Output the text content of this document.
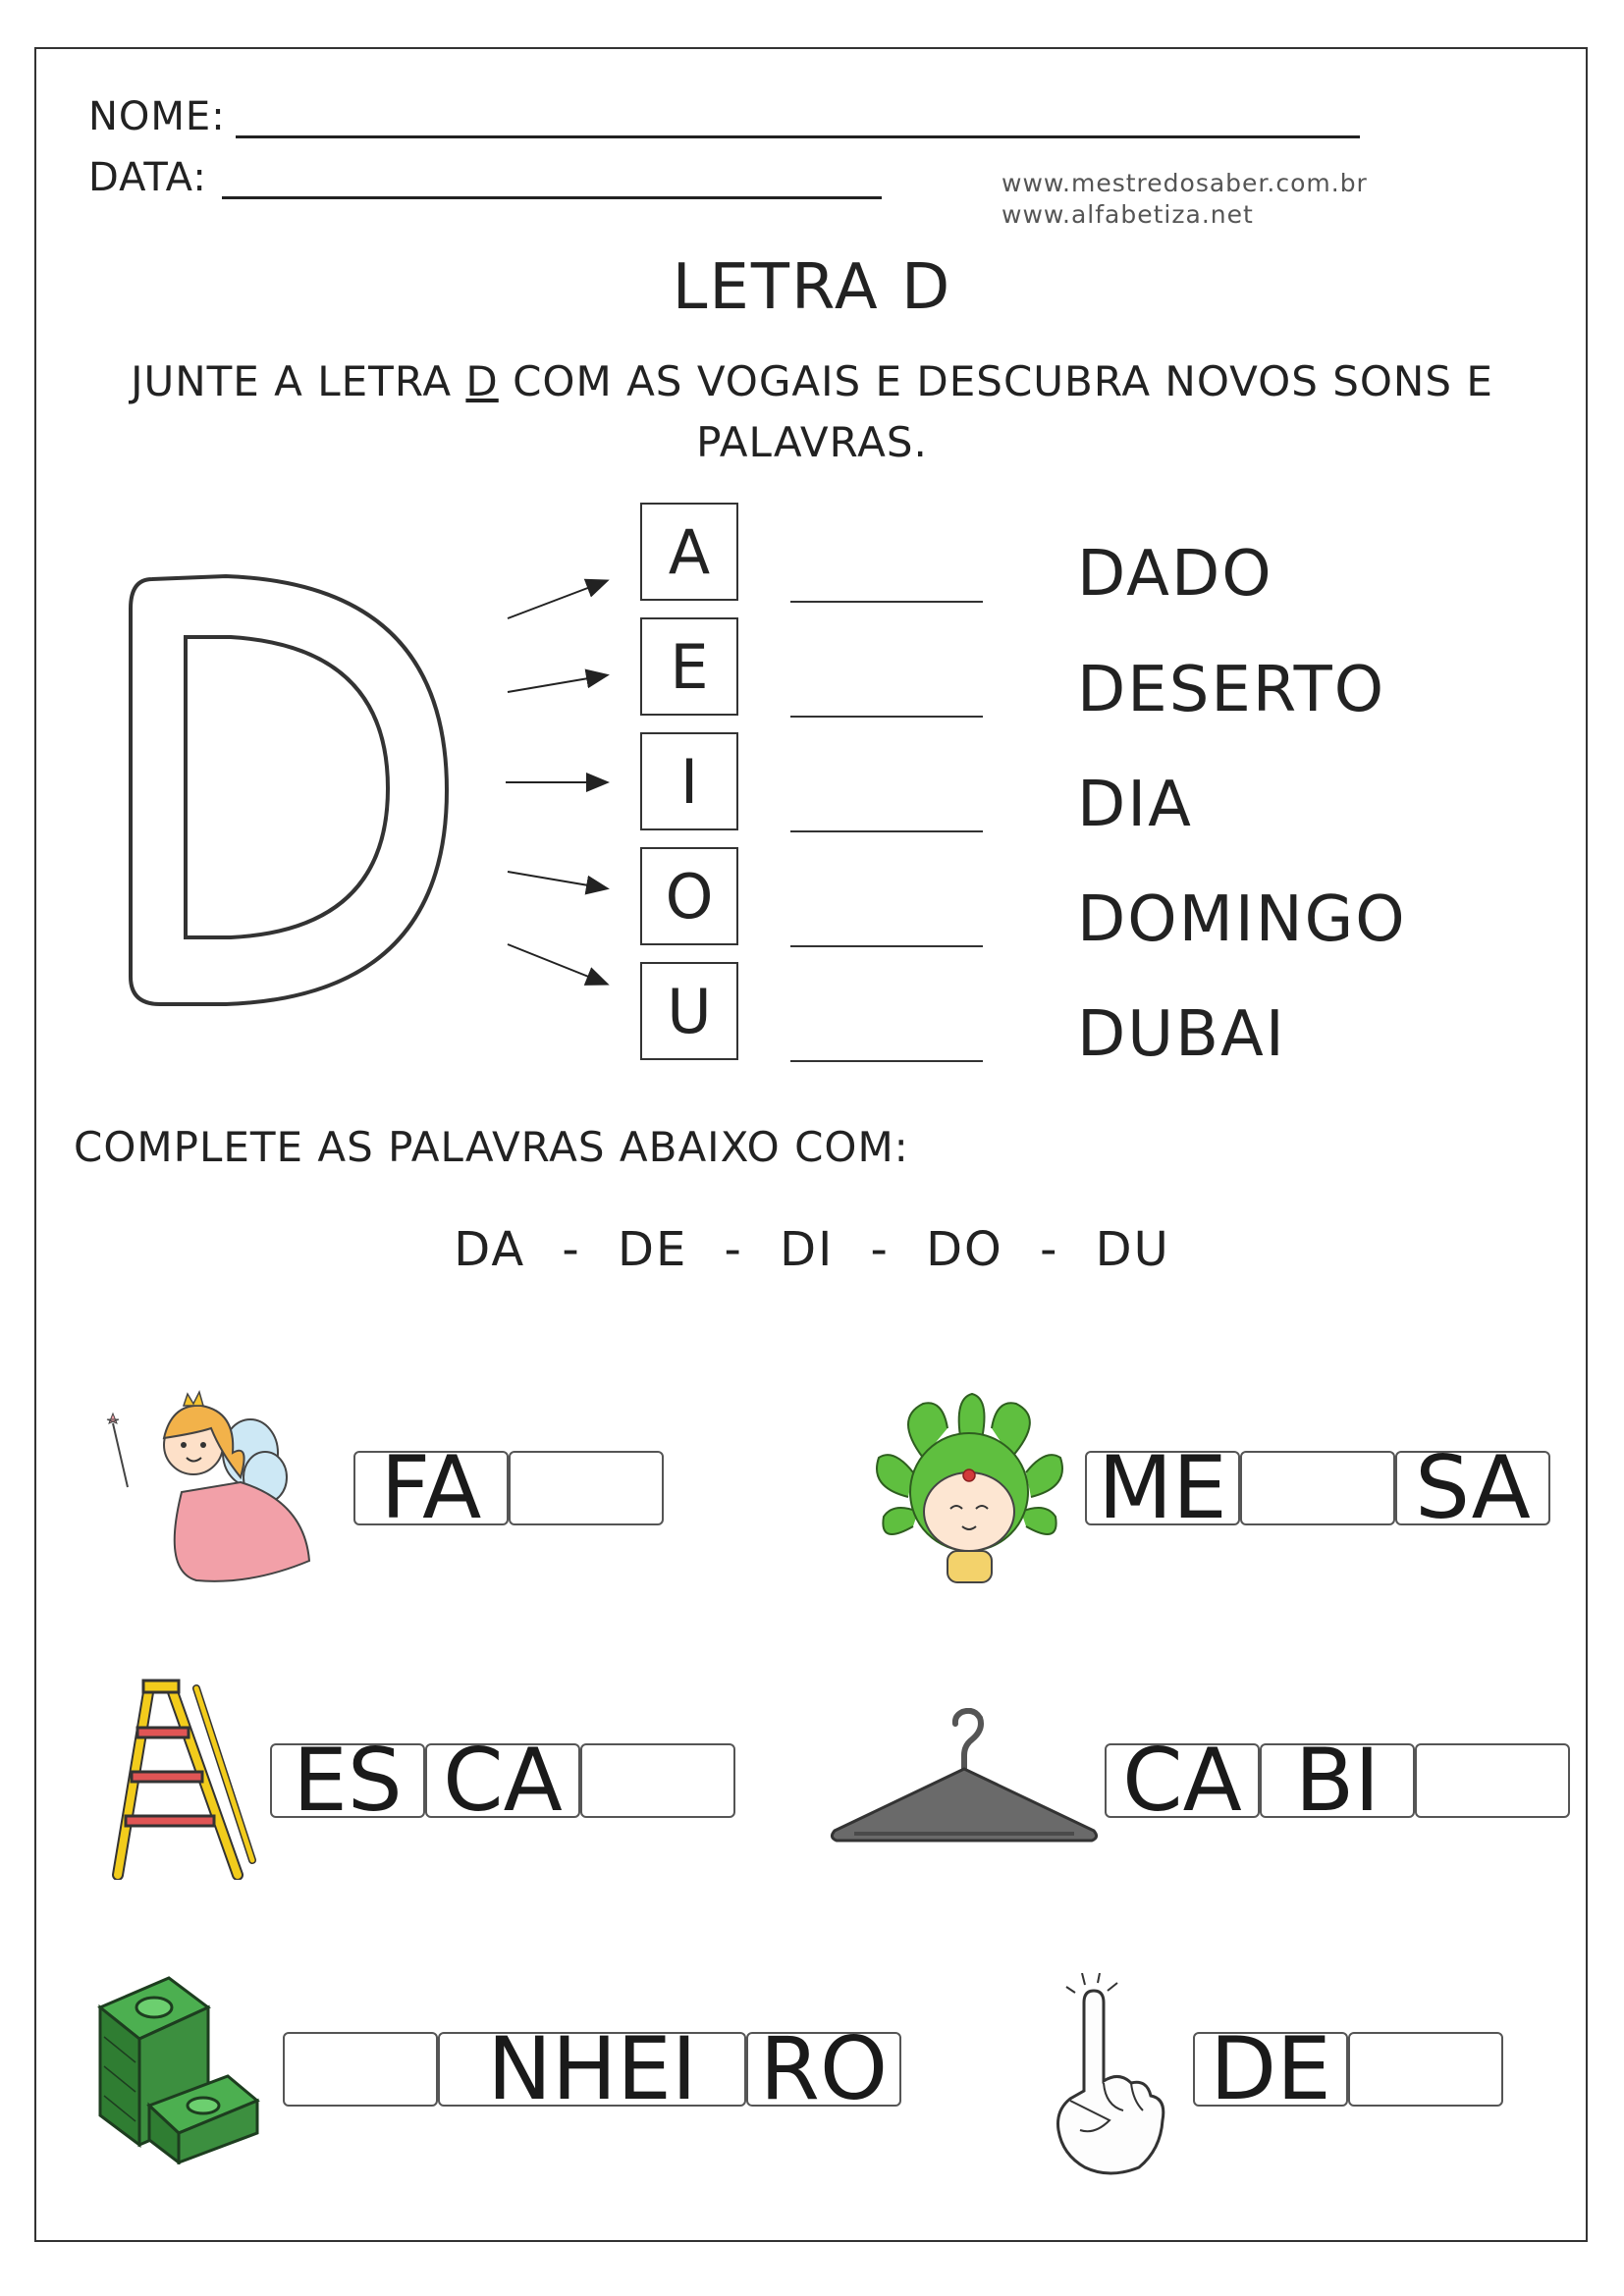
NOME:
DATA:	www.mestredosaber.com.br
www.alfabetiza.net
LETRA D
JUNTE A LETRA D COM AS VOGAIS E DESCUBRA NOVOS SONS E
PALAVRAS.
A
E
I
O
U
DADO
DESERTO
DIA
DOMINGO
DUBAI
COMPLETE AS PALAVRAS ABAIXO COM:
DA - DE - DI - DO - DU
FA	ME SA
ES CA	CA BI
NHEI RO	DE
